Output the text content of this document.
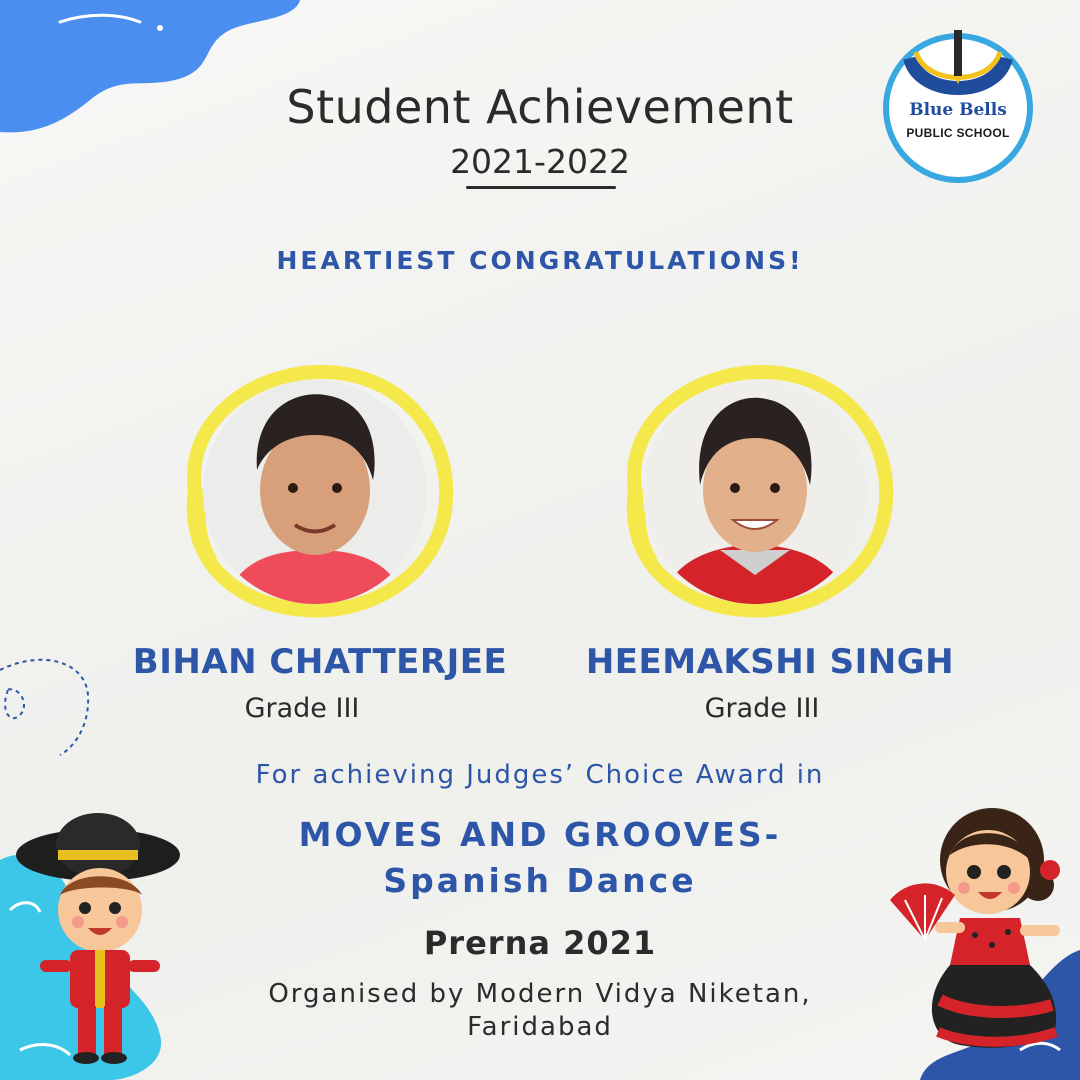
Blue Bells
PUBLIC SCHOOL
Student Achievement
2021-2022
HEARTIEST CONGRATULATIONS!
BIHAN CHATTERJEE
Grade III
HEEMAKSHI SINGH
Grade III
For achieving Judges’ Choice Award in
MOVES AND GROOVES-
Spanish Dance
Prerna 2021
Organised by Modern Vidya Niketan,
Faridabad
